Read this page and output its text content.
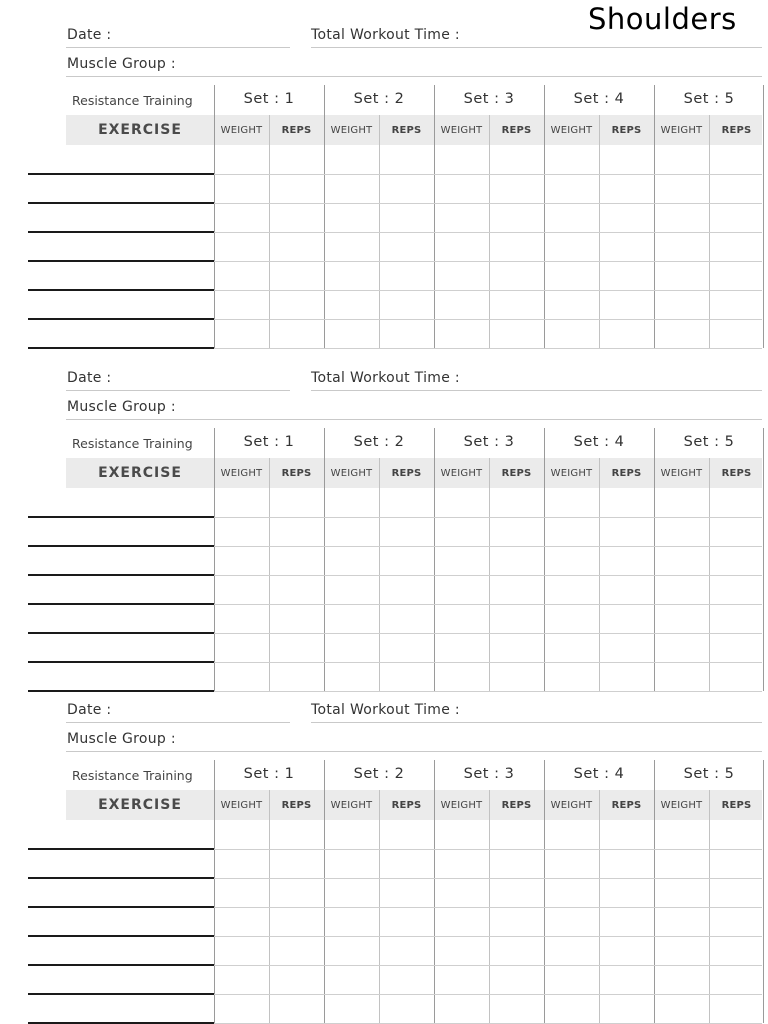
Shoulders
Date :	Total Workout Time :
Muscle Group :
Resistance Training
EXERCISE
Set : 1
WEIGHT	REPS
Set : 2
WEIGHT	REPS
Set : 3
WEIGHT	REPS
Set : 4
WEIGHT	REPS
Set : 5
WEIGHT	REPS
Date :	Total Workout Time :
Muscle Group :
Resistance Training
EXERCISE
Set : 1
WEIGHT	REPS
Set : 2
WEIGHT	REPS
Set : 3
WEIGHT	REPS
Set : 4
WEIGHT	REPS
Set : 5
WEIGHT	REPS
Date :	Total Workout Time :
Muscle Group :
Resistance Training
EXERCISE
Set : 1
WEIGHT	REPS
Set : 2
WEIGHT	REPS
Set : 3
WEIGHT	REPS
Set : 4
WEIGHT	REPS
Set : 5
WEIGHT	REPS
